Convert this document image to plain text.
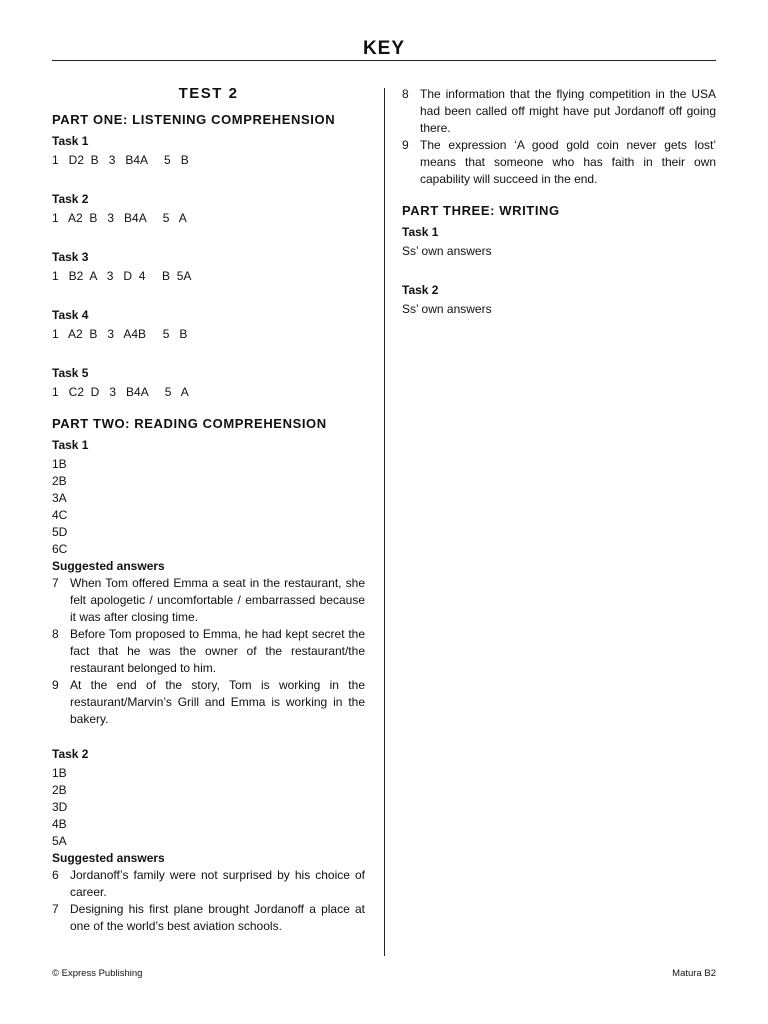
KEY
TEST 2
PART ONE: LISTENING COMPREHENSION
Task 1
1   D2  B   3   B4A     5   B
Task 2
1   A2  B   3   B4A     5   A
Task 3
1   B2  A   3   D  4     B  5A
Task 4
1   A2  B   3   A4B     5   B
Task 5
1   C2  D   3   B4A     5   A
PART TWO: READING COMPREHENSION
Task 1
1B
2B
3A
4C
5D
6C
Suggested answers
7 When Tom offered Emma a seat in the restaurant, she felt apologetic / uncomfortable / embarrassed because it was after closing time.
8 Before Tom proposed to Emma, he had kept secret the fact that he was the owner of the restaurant/the restaurant belonged to him.
9 At the end of the story, Tom is working in the restaurant/Marvin’s Grill and Emma is working in the bakery.
Task 2
1B
2B
3D
4B
5A
Suggested answers
6 Jordanoff’s family were not surprised by his choice of career.
7 Designing his first plane brought Jordanoff a place at one of the world’s best aviation schools.
8 The information that the flying competition in the USA had been called off might have put Jordanoff off going there.
9 The expression ‘A good gold coin never gets lost’ means that someone who has faith in their own capability will succeed in the end.
PART THREE: WRITING
Task 1
Ss’ own answers
Task 2
Ss’ own answers
© Express Publishing	Matura B2
